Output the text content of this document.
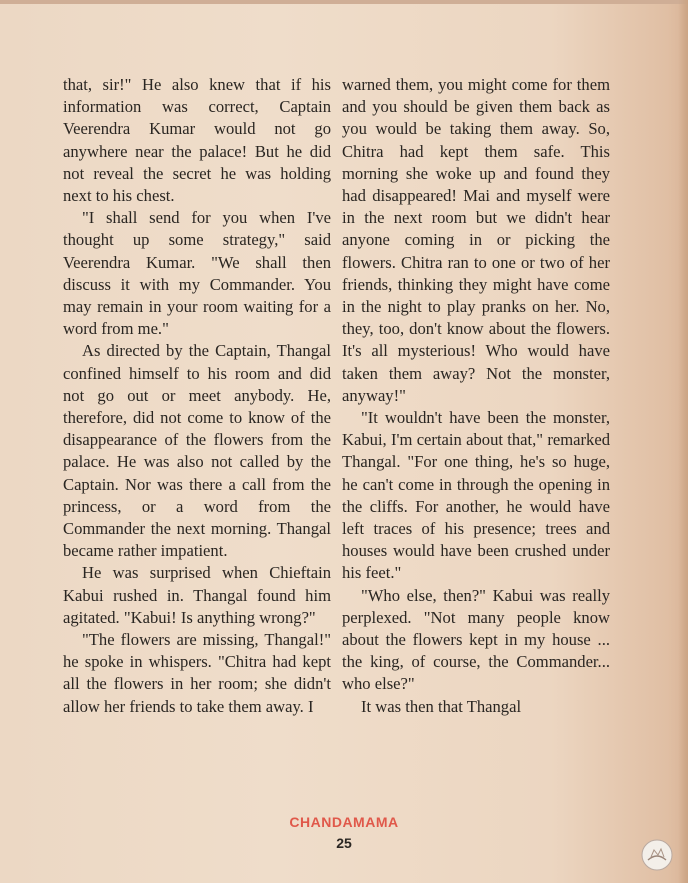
that, sir!" He also knew that if his information was correct, Captain Veerendra Kumar would not go anywhere near the palace! But he did not reveal the secret he was holding next to his chest.

"I shall send for you when I've thought up some strategy," said Veerendra Kumar. "We shall then discuss it with my Commander. You may remain in your room waiting for a word from me."

As directed by the Captain, Thangal confined himself to his room and did not go out or meet anybody. He, therefore, did not come to know of the disappearance of the flowers from the palace. He was also not called by the Captain. Nor was there a call from the princess, or a word from the Commander the next morning. Thangal became rather impatient.

He was surprised when Chieftain Kabui rushed in. Thangal found him agitated. "Kabui! Is anything wrong?"

"The flowers are missing, Thangal!" he spoke in whispers. "Chitra had kept all the flowers in her room; she didn't allow her friends to take them away. I

warned them, you might come for them and you should be given them back as you would be taking them away. So, Chitra had kept them safe. This morning she woke up and found they had disappeared! Mai and myself were in the next room but we didn't hear anyone coming in or picking the flowers. Chitra ran to one or two of her friends, thinking they might have come in the night to play pranks on her. No, they, too, don't know about the flowers. It's all mysterious! Who would have taken them away? Not the monster, anyway!"

"It wouldn't have been the monster, Kabui, I'm certain about that," remarked Thangal. "For one thing, he's so huge, he can't come in through the opening in the cliffs. For another, he would have left traces of his presence; trees and houses would have been crushed under his feet."

"Who else, then?" Kabui was really perplexed. "Not many people know about the flowers kept in my house ... the king, of course, the Commander... who else?"

It was then that Thangal

CHANDAMAMA
25
